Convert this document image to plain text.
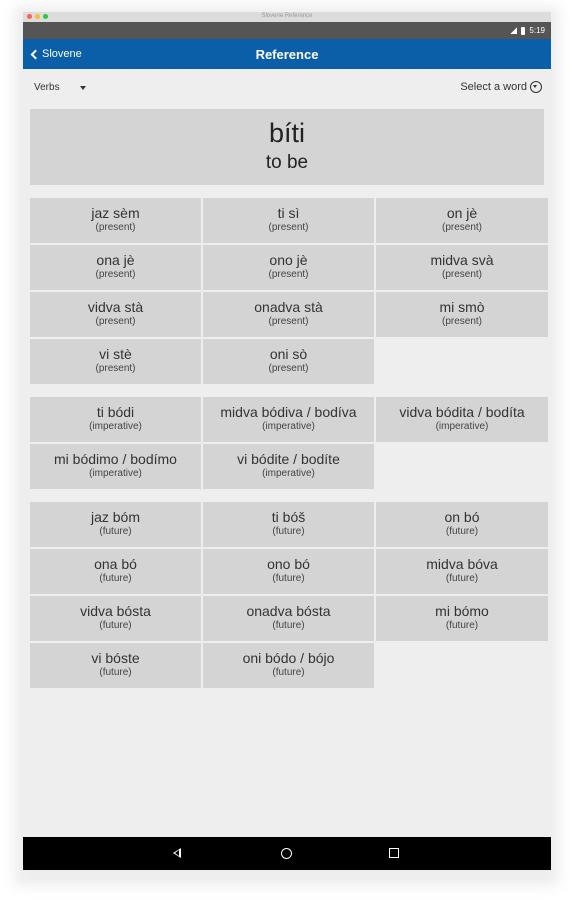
Slovene Reference
5:19
Slovene	Reference
Verbs	Select a word
bíti
to be
jaz sèm
(present)
ti sì
(present)
on jè
(present)
ona jè
(present)
ono jè
(present)
midva svà
(present)
vidva stà
(present)
onadva stà
(present)
mi smò
(present)
vi stè
(present)
oni sò
(present)
ti bódi
(imperative)
midva bódiva / bodíva
(imperative)
vidva bódita / bodíta
(imperative)
mi bódimo / bodímo
(imperative)
vi bódite / bodíte
(imperative)
jaz bóm
(future)
ti bóš
(future)
on bó
(future)
ona bó
(future)
ono bó
(future)
midva bóva
(future)
vidva bósta
(future)
onadva bósta
(future)
mi bómo
(future)
vi bóste
(future)
oni bódo / bójo
(future)
